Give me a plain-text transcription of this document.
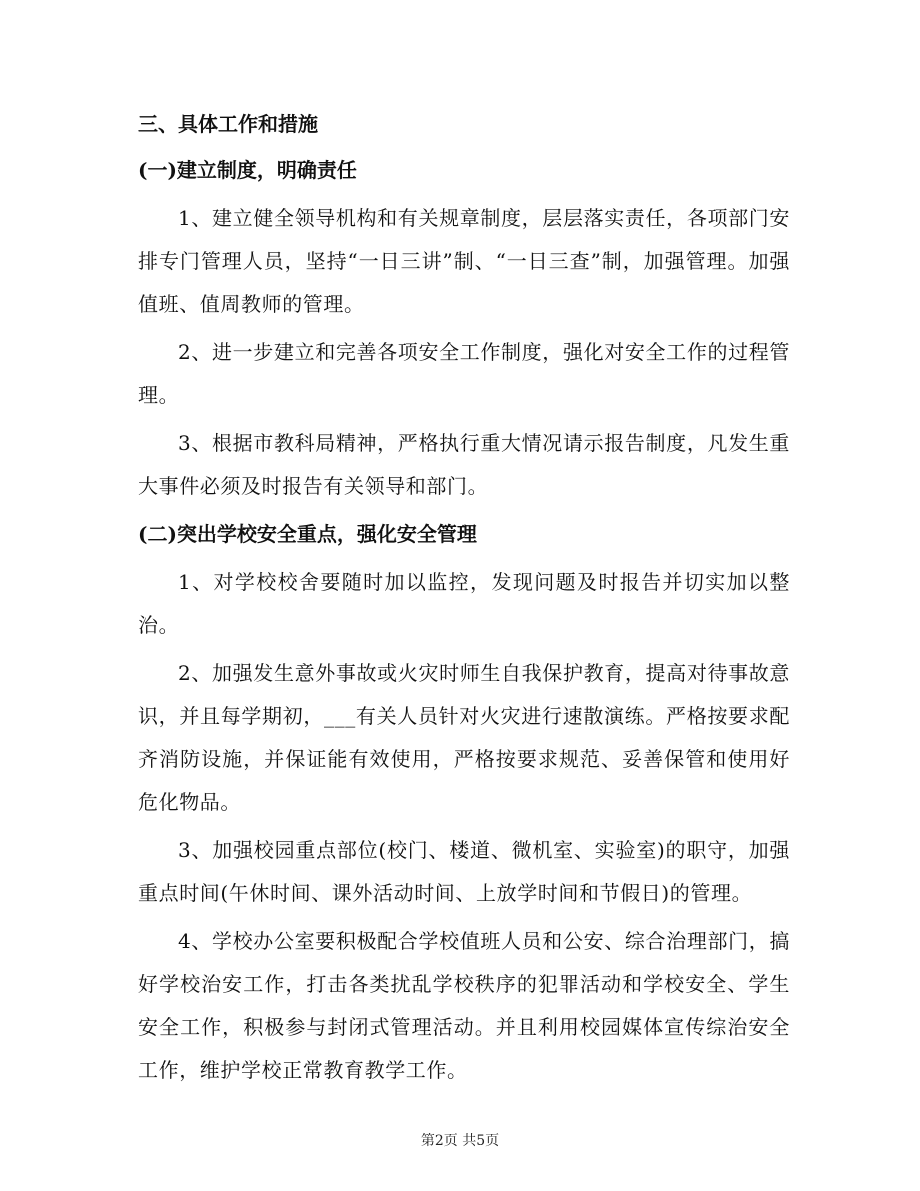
三、具体工作和措施
(一)建立制度，明确责任

1、建立健全领导机构和有关规章制度，层层落实责任，各项部门安排专门管理人员，坚持“一日三讲”制、“一日三查”制，加强管理。加强值班、值周教师的管理。

2、进一步建立和完善各项安全工作制度，强化对安全工作的过程管理。

3、根据市教科局精神，严格执行重大情况请示报告制度，凡发生重大事件必须及时报告有关领导和部门。

(二)突出学校安全重点，强化安全管理

1、对学校校舍要随时加以监控，发现问题及时报告并切实加以整治。

2、加强发生意外事故或火灾时师生自我保护教育，提高对待事故意识，并且每学期初，___有关人员针对火灾进行速散演练。严格按要求配齐消防设施，并保证能有效使用，严格按要求规范、妥善保管和使用好危化物品。

3、加强校园重点部位(校门、楼道、微机室、实验室)的职守，加强重点时间(午休时间、课外活动时间、上放学时间和节假日)的管理。

4、学校办公室要积极配合学校值班人员和公安、综合治理部门，搞好学校治安工作，打击各类扰乱学校秩序的犯罪活动和学校安全、学生安全工作，积极参与封闭式管理活动。并且利用校园媒体宣传综治安全工作，维护学校正常教育教学工作。

第2页 共5页
